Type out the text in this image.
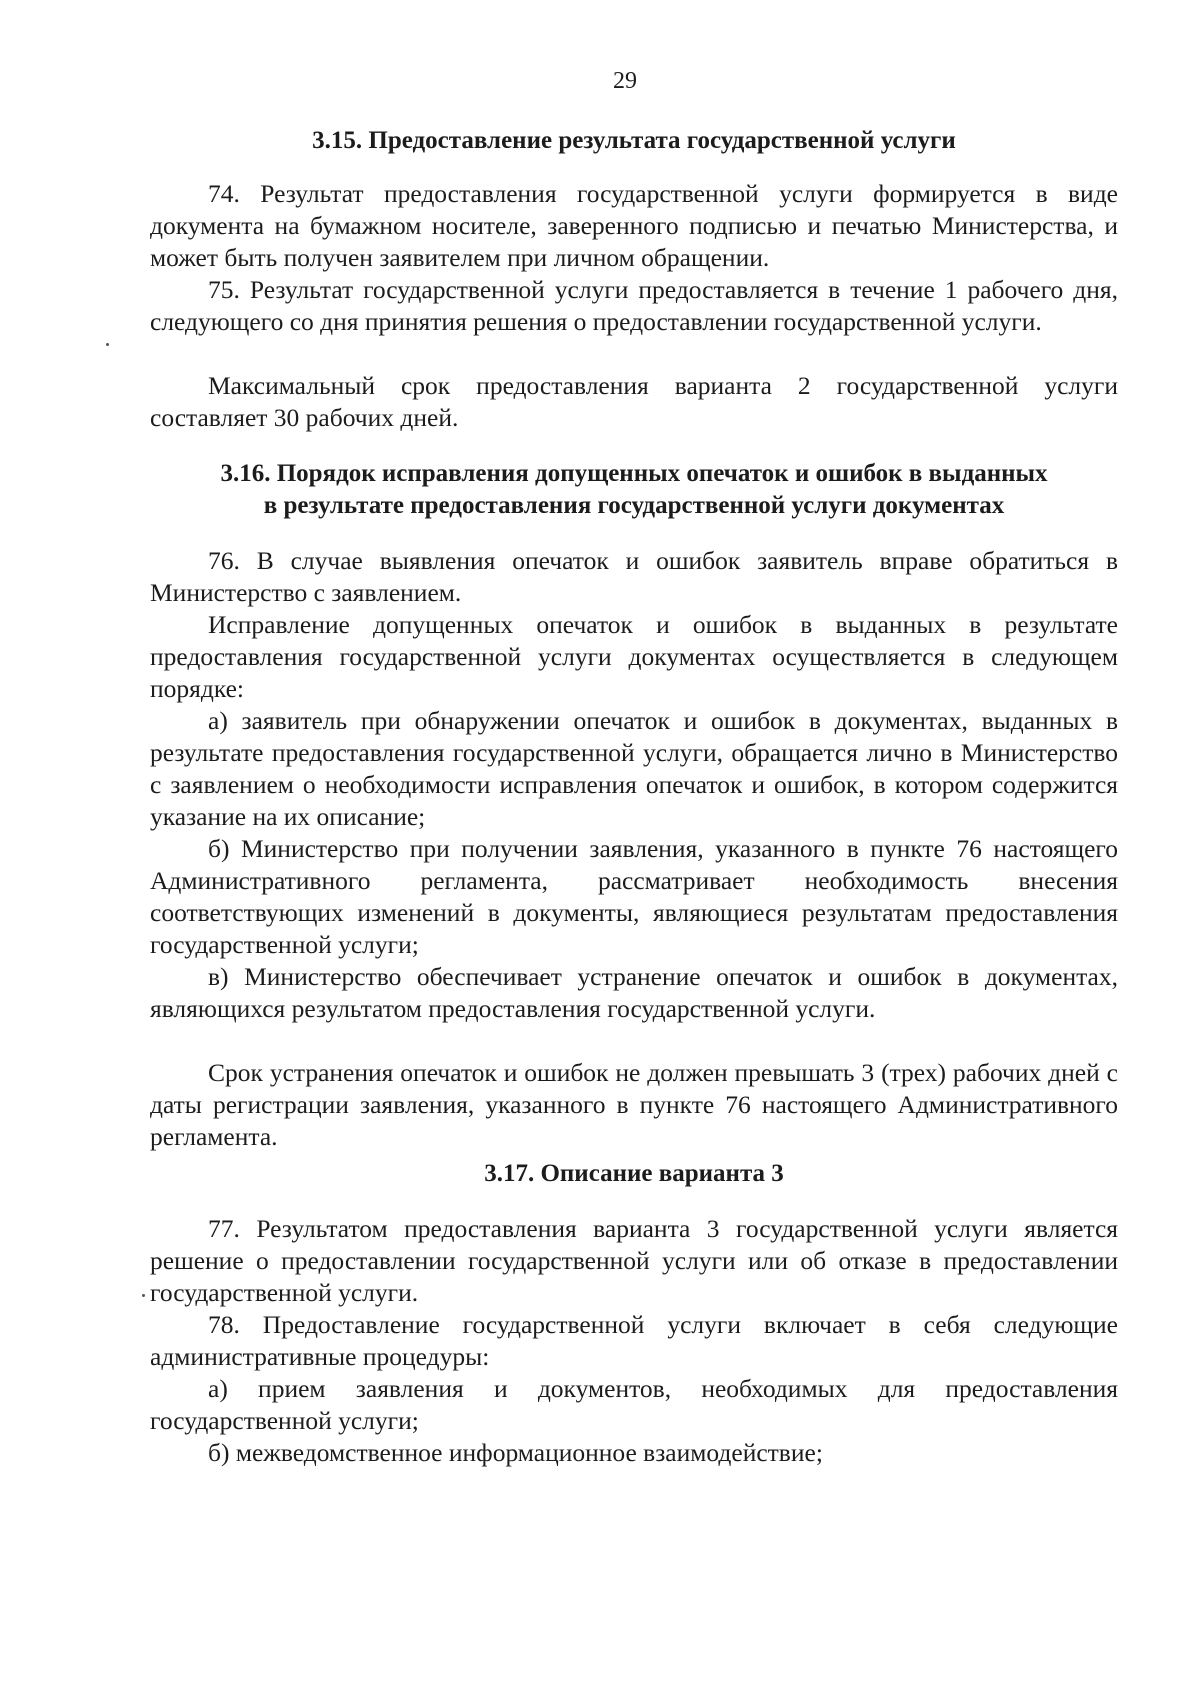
29
3.15. Предоставление результата государственной услуги
74. Результат предоставления государственной услуги формируется в виде документа на бумажном носителе, заверенного подписью и печатью Министерства, и может быть получен заявителем при личном обращении.
75. Результат государственной услуги предоставляется в течение 1 рабочего дня, следующего со дня принятия решения о предоставлении государственной услуги.
Максимальный срок предоставления варианта 2 государственной услуги составляет 30 рабочих дней.
3.16. Порядок исправления допущенных опечаток и ошибок в выданных
в результате предоставления государственной услуги документах
76. В случае выявления опечаток и ошибок заявитель вправе обратиться в Министерство с заявлением.
Исправление допущенных опечаток и ошибок в выданных в результате предоставления государственной услуги документах осуществляется в следующем порядке:
а) заявитель при обнаружении опечаток и ошибок в документах, выданных в результате предоставления государственной услуги, обращается лично в Министерство с заявлением о необходимости исправления опечаток и ошибок, в котором содержится указание на их описание;
б) Министерство при получении заявления, указанного в пункте 76 настоящего Административного регламента, рассматривает необходимость внесения соответствующих изменений в документы, являющиеся результатам предоставления государственной услуги;
в) Министерство обеспечивает устранение опечаток и ошибок в документах, являющихся результатом предоставления государственной услуги.
Срок устранения опечаток и ошибок не должен превышать 3 (трех) рабочих дней с даты регистрации заявления, указанного в пункте 76 настоящего Административного регламента.
3.17. Описание варианта 3
77. Результатом предоставления варианта 3 государственной услуги является решение о предоставлении государственной услуги или об отказе в предоставлении государственной услуги.
78. Предоставление государственной услуги включает в себя следующие административные процедуры:
а) прием заявления и документов, необходимых для предоставления государственной услуги;
б) межведомственное информационное взаимодействие;
